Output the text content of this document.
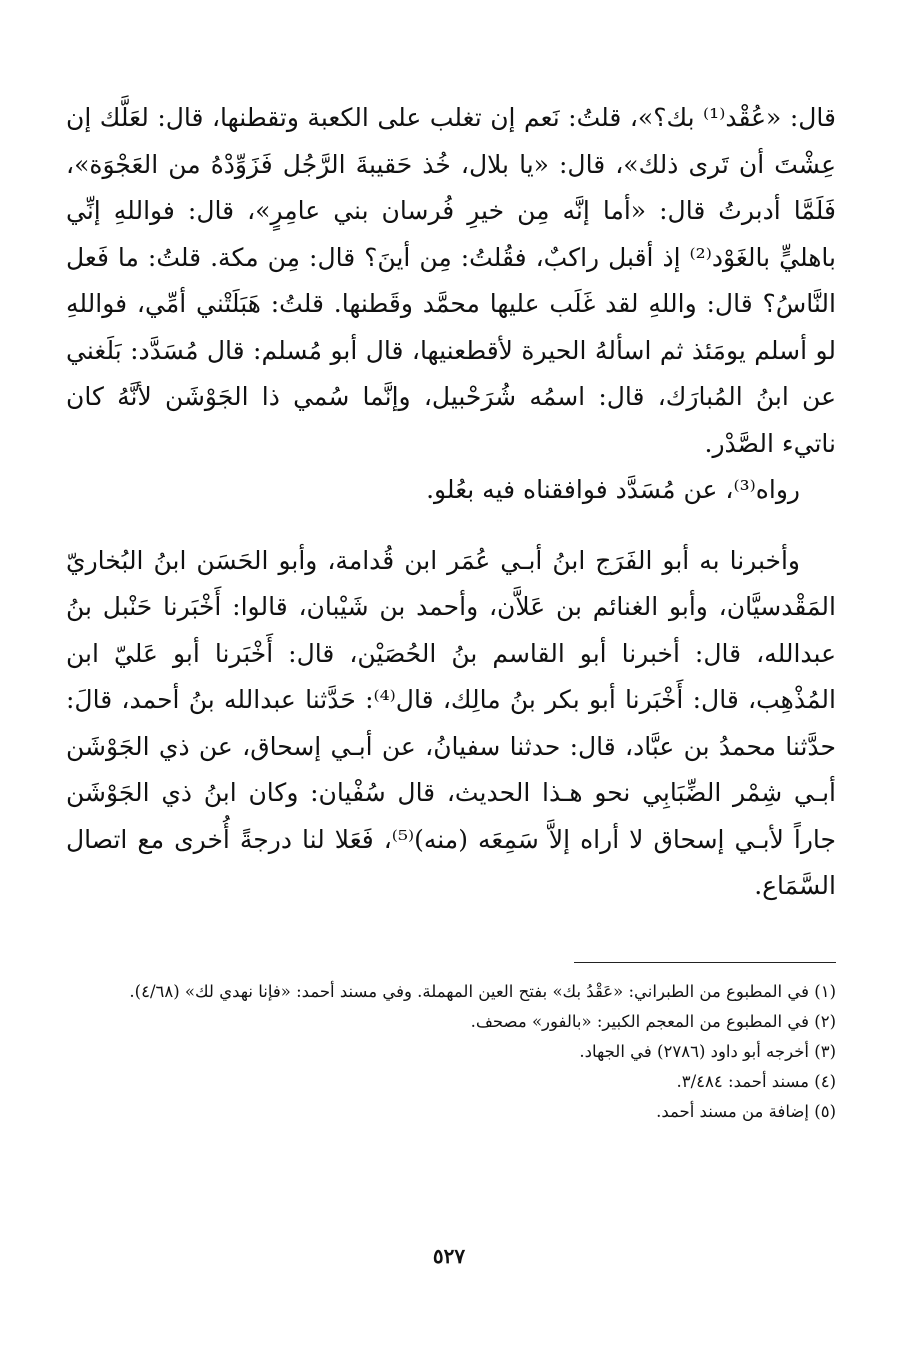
قال: «عُقْد⁽¹⁾ بك؟»، قلتُ: نَعم إن تغلب على الكعبة وتقطنها، قال: لعَلَّك إن عِشْتَ أن تَرى ذلك»، قال: «يا بلال، خُذ حَقيبةَ الرَّجُل فَزَوِّدْهُ من العَجْوَة»، فَلَمَّا أدبرتُ قال: «أما إنَّه مِن خيرِ فُرسان بني عامِرٍ»، قال: فواللهِ إنِّي باهليٍّ بالغَوْد⁽²⁾ إذ أقبل راكبٌ، فقُلتُ: مِن أينَ؟ قال: مِن مكة. قلتُ: ما فَعل النَّاسُ؟ قال: واللهِ لقد غَلَب عليها محمَّد وقَطنها. قلتُ: هَبَلَتْني أمِّي، فواللهِ لو أسلم يومَئذ ثم اسألهُ الحيرة لأقطعنيها، قال أبو مُسلم: قال مُسَدَّد: بَلَغني عن ابنُ المُبارَك، قال: اسمُه شُرَحْبيل، وإنَّما سُمي ذا الجَوْشَن لأنَّهُ كان ناتيء الصَّدْر.

رواه⁽³⁾، عن مُسَدَّد فوافقناه فيه بعُلو.

وأخبرنا به أبو الفَرَج ابنُ أبـي عُمَر ابن قُدامة، وأبو الحَسَن ابنُ البُخاريّ المَقْدسيَّان، وأبو الغنائم بن عَلاَّن، وأحمد بن شَيْبان، قالوا: أَخْبَرنا حَنْبل بنُ عبدالله، قال: أخبرنا أبو القاسم بنُ الحُصَيْن، قال: أَخْبَرنا أبو عَليّ ابن المُذْهِب، قال: أَخْبَرنا أبو بكر بنُ مالِك، قال⁽⁴⁾: حَدَّثنا عبدالله بنُ أحمد، قالَ: حدَّثنا محمدُ بن عبَّاد، قال: حدثنا سفيانُ، عن أبـي إسحاق، عن ذي الجَوْشَن أبـي شِمْر الضِّبَابِي نحو هـذا الحديث، قال سُفْيان: وكان ابنُ ذي الجَوْشَن جاراً لأبـي إسحاق لا أراه إلاَّ سَمِعَه (منه)⁽⁵⁾، فَعَلا لنا درجةً أُخرى مع اتصال السَّمَاع.

(١) في المطبوع من الطبراني: «عَقْدُ بك» بفتح العين المهملة. وفي مسند أحمد: «فإنا نهدي لك» (٤/٦٨).

(٢) في المطبوع من المعجم الكبير: «بالفور» مصحف.

(٣) أخرجه أبو داود (٢٧٨٦) في الجهاد.

(٤) مسند أحمد: ٣/٤٨٤.

(٥) إضافة من مسند أحمد.

٥٢٧
